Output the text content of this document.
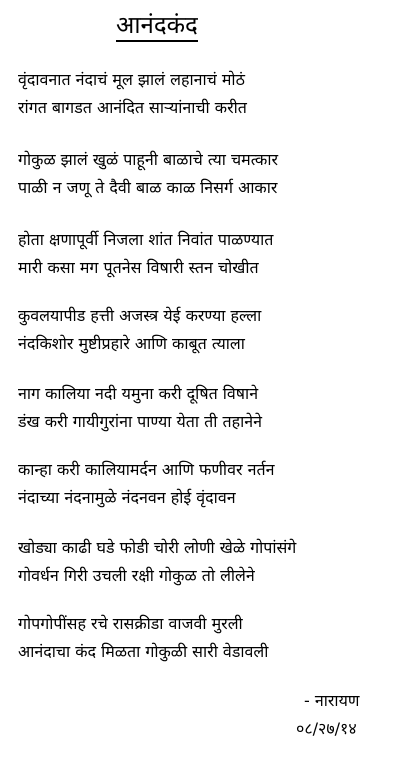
आनंदकंद
वृंदावनात नंदाचं मूल झालं लहानाचं मोठं
रांगत बागडत आनंदित साऱ्यांनाची करीत
गोकुळ झालं खुळं पाहूनी बाळाचे त्या चमत्कार
पाळी न जणू ते दैवी बाळ काळ निसर्ग आकार
होता क्षणापूर्वी निजला शांत निवांत पाळण्यात
मारी कसा मग पूतनेस विषारी स्तन चोखीत
कुवलयापीड हत्ती अजस्त्र येई करण्या हल्ला
नंदकिशोर मुष्टीप्रहारे आणि काबूत त्याला
नाग कालिया नदी यमुना करी दूषित विषाने
डंख करी गायीगुरांना पाण्या येता ती तहानेने
कान्हा करी कालियामर्दन आणि फणीवर नर्तन
नंदाच्या नंदनामुळे नंदनवन होई वृंदावन
खोड्या काढी घडे फोडी चोरी लोणी खेळे गोपांसंगे
गोवर्धन गिरी उचली रक्षी गोकुळ तो लीलेने
गोपगोपींसह रचे रासक्रीडा वाजवी मुरली
आनंदाचा कंद मिळता गोकुळी सारी वेडावली
- नारायण
०८/२७/१४
